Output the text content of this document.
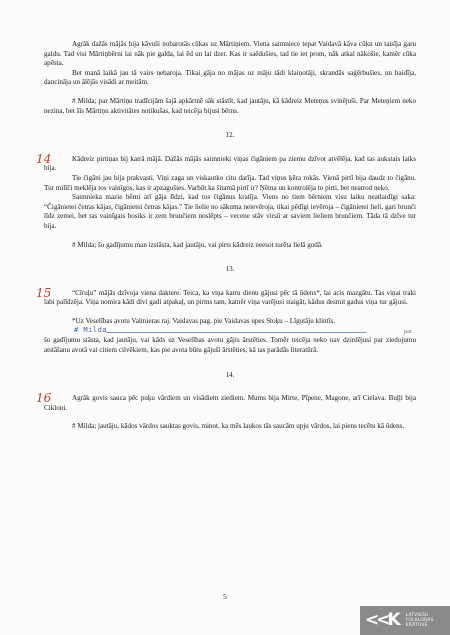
Agrāk dažās mājās bija kāvuši nobarotās cūkas uz Mārtiņiem. Viena saimniece tepat Vaidavā kāva cūku un taisīja garu galdu. Tad visi Mārtiņbērni lai nāk pie galda, lai ēd un lai dzer. Kas ir saēdušies, tad tie iet prom, nāk atkal nākošie, kamēr cūka apēsta.

Bet manā laikā jau tā vairs nebaroja. Tikai gāja no mājas uz māju tādi klaiņotāji, skrandās saģērbušies, un baidīja, dancināja un ālējās visādi ar meitām.

# Milda; par Mārtiņu tradīcijām šajā apkārtnē sāk stāstīt, kad jautāju, kā kādreiz Meteņus svinējuši. Par Meteņiem neko nezina, bet šīs Mārtiņu aktivitātes notikušas, kad teicēja bijusi bērns.

12.

14	Kādreiz pirtiņas bij katrā mājā. Dažās mājās saimnieki viņas čigāniem pa ziemu dzīvot atvēlēja, kad tas aukstais laiks bija.

Tie čigāni jau bija prakvasti. Viņi zaga un viskautko citu darīja. Tad viņus ķēra rokās. Vienā pirtī bija daudz to čigānu. Tur milīči meklēja tos vainīgos, kas ir apzagušies. Varbūt ka šitamā pirtī ir? Ņēma un kontrolēja to pirti, bet neatrod neko.

Saimnieka mazie bērni arī gāja līdzi, kad tos čigānus kratīja. Viens no tiem bērniem visu laiku neatlaidīgi saka: “Čigānietei četras kājas, čigānietei četras kājas.” Tie lielie no sākuma neievēroja, tikai pēdīgi ievēroja – čigānieteі lieli, gari brunči līdz zemei, bet tas vainīgais bosiks ir zem brunčiem noslēpts – vecene stāv virsū ar saviem lieliem brunčiem. Tāda tā dzīve tur bija.

# Milda; šo gadījumu man izstāsta, kad jautāju, vai pirts kādreiz neesot turēta lielā godā.

13.

15	“Cīruļu” mājās dzīvoja viena daktere. Teica, ka viņa katru dienu gājusi pēc tā ūdens*, lai acis mazgātu. Tas viņai traki labi palīdzēja. Viņa nomira kādi divi gadi atpakaļ, un pirms tam, kamēr viņa varējusi staigāt, kādus desmit gadus viņa tur gājusi.

*Uz Veselības avotu Valmieras raj. Vaidavas pag. pie Vaidavas upes Stoķu – Līgotāju klintīs.

# Milda	par

šo gadījumu stāsta, kad jautāju, vai kāds uz Veselības avotu gājis ārstēties. Tomēr teicēja neko nav dzirdējusi par ziedojumu atstāšanu avotā vai citiem cilvēkiem, kas pie avota būtu gājuši ārstēties, kā tas parādās literatūrā.

14.

16	Agrāk govis sauca pēc puķu vārdiem un visādiem ziediem. Mums bija Mirte, Pīpene, Magone, arī Cielava. Buļļi bija Cikloni.

# Milda; jautāju, kādos vārdos sauktas govis, minot, ka mēs laukos tās saucām upju vārdos, lai piens tecētu kā ūdens.

5
<<K LATVIEŠU
FOLKLORAS
KRĀTUVE
